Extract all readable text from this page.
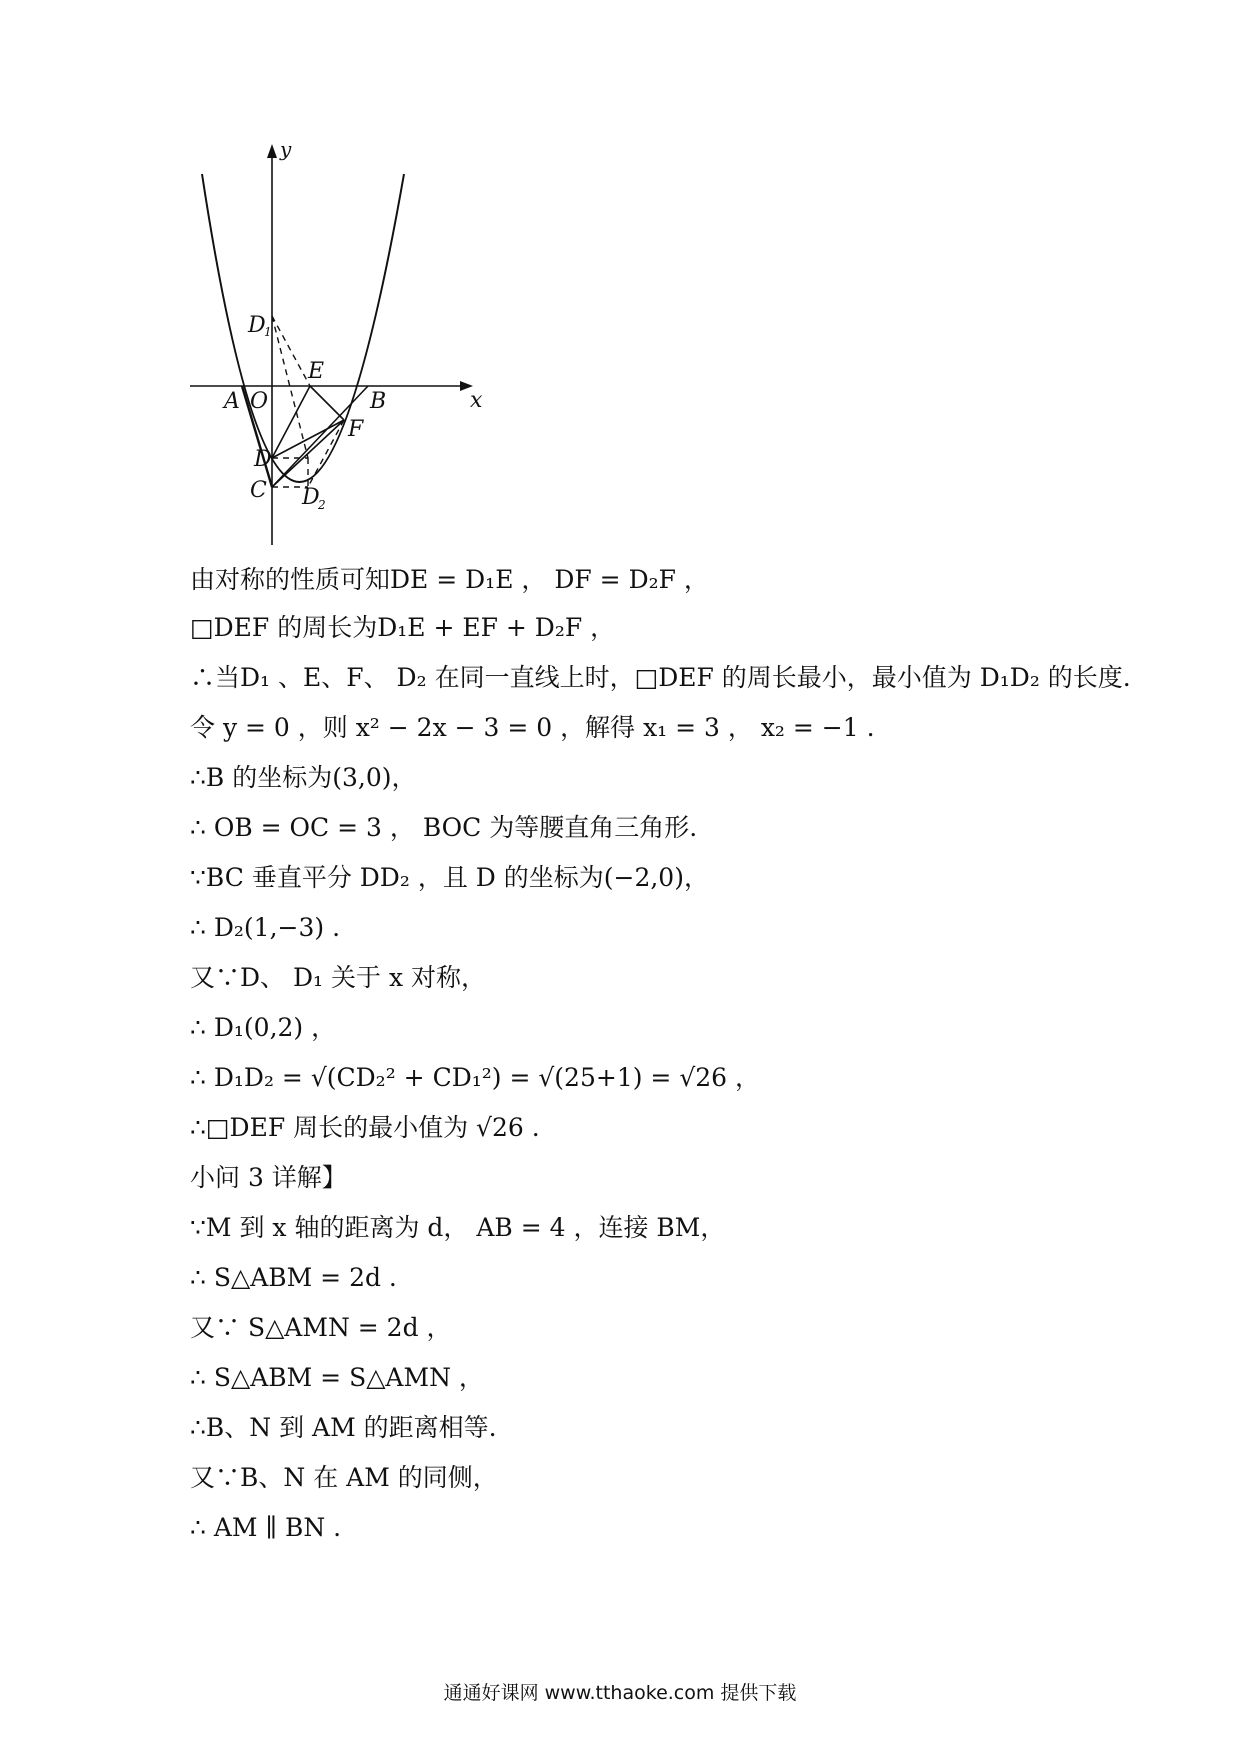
y
x
D
1
E
A O	B
F
D
C D
2
由对称的性质可知DE = D₁E ， DF = D₂F ，
□DEF 的周长为D₁E + EF + D₂F ，
∴当D₁ 、E、F、 D₂ 在同一直线上时，□DEF 的周长最小，最小值为 D₁D₂ 的长度.
令 y = 0 ，则 x² − 2x − 3 = 0 ，解得 x₁ = 3 ， x₂ = −1 .
∴B 的坐标为(3,0)，
∴ OB = OC = 3 ， BOC 为等腰直角三角形.
∵BC 垂直平分 DD₂ ，且 D 的坐标为(−2,0)，
∴ D₂(1,−3) .
又∵D、 D₁ 关于 x 对称，
∴ D₁(0,2) ，
∴ D₁D₂ = √(CD₂² + CD₁²) = √(25+1) = √26 ，
∴□DEF 周长的最小值为 √26 .
小问 3 详解】
∵M 到 x 轴的距离为 d， AB = 4 ，连接 BM，
∴ S△ABM = 2d .
又∵ S△AMN = 2d ，
∴ S△ABM = S△AMN ，
∴B、N 到 AM 的距离相等.
又∵B、N 在 AM 的同侧，
∴ AM ∥ BN .
通通好课网 www.tthaoke.com 提供下载
